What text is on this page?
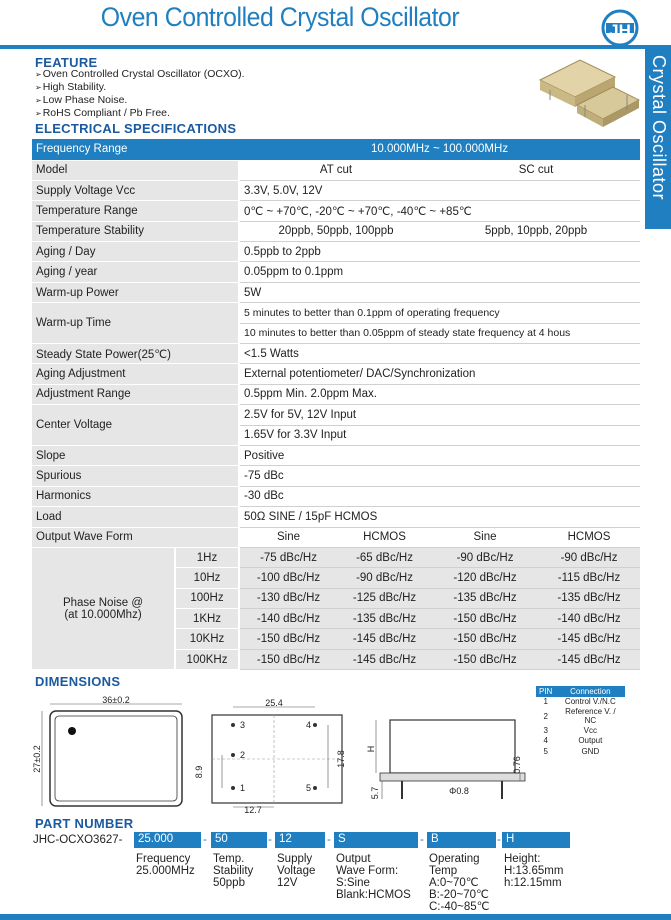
Oven Controlled Crystal Oscillator	JH
Crystal Oscillator
FEATURE
➢ Oven Controlled Crystal Oscillator (OCXO).
➢ High Stability.
➢ Low Phase Noise.
➢ RoHS Compliant / Pb Free.
ELECTRICAL SPECIFICATIONS
Frequency Range		10.000MHz ~ 100.000MHz			
Model		AT cut		SC cut	
Supply Voltage Vcc		3.3V, 5.0V, 12V			
Temperature Range		0℃ ~ +70℃, -20℃ ~ +70℃, -40℃ ~ +85℃			
Temperature Stability		20ppb, 50ppb, 100ppb		5ppb, 10ppb, 20ppb	
Aging / Day		0.5ppb to 2ppb			
Aging / year		0.05ppm to 0.1ppm			
Warm-up Power		5W			
Warm-up Time		5 minutes to better than 0.1ppm of operating frequency			
		10 minutes to better than 0.05ppm of steady state frequency at 4 hous			
Steady State Power(25℃)		<1.5 Watts			
Aging Adjustment		External potentiometer/ DAC/Synchronization			
Adjustment Range		0.5ppm Min. 2.0ppm Max.			
Center Voltage		2.5V for 5V, 12V Input			
		1.65V for 3.3V Input			
Slope		Positive			
Spurious		-75 dBc			
Harmonics		-30 dBc			
Load		50Ω SINE / 15pF HCMOS			
Output Wave Form		Sine	HCMOS	Sine	HCMOS

Phase Noise @
(at 10.000Mhz)	1Hz	-75 dBc/Hz	-65 dBc/Hz	-90 dBc/Hz	-90 dBc/Hz
	10Hz	-100 dBc/Hz	-90 dBc/Hz	-120 dBc/Hz	-115 dBc/Hz
	100Hz	-130 dBc/Hz	-125 dBc/Hz	-135 dBc/Hz	-135 dBc/Hz
	1KHz	-140 dBc/Hz	-135 dBc/Hz	-150 dBc/Hz	-140 dBc/Hz
	10KHz	-150 dBc/Hz	-145 dBc/Hz	-150 dBc/Hz	-145 dBc/Hz
	100KHz	-150 dBc/Hz	-145 dBc/Hz	-150 dBc/Hz	-145 dBc/Hz
DIMENSIONS
36±0.2
27±0.2
25.4
3	4
2
1	5
17.8
8.9
12.7
H
5.7	Φ0.8
0.76
PIN	Connection
1	Control V./N.C
2	Reference V. / NC
3	Vcc
4	Output
5	GND
PART NUMBER
JHC-OCXO3627-	25.000	- 50	- 12	- S	- B	- H
Frequency
25.000MHz
Temp.
Stability
50ppb
Supply
Voltage
12V
Output
Wave Form:
S:Sine
Blank:HCMOS
Operating
Temp
A:0~70℃
B:-20~70℃
C:-40~85℃
Height:
H:13.65mm
h:12.15mm
